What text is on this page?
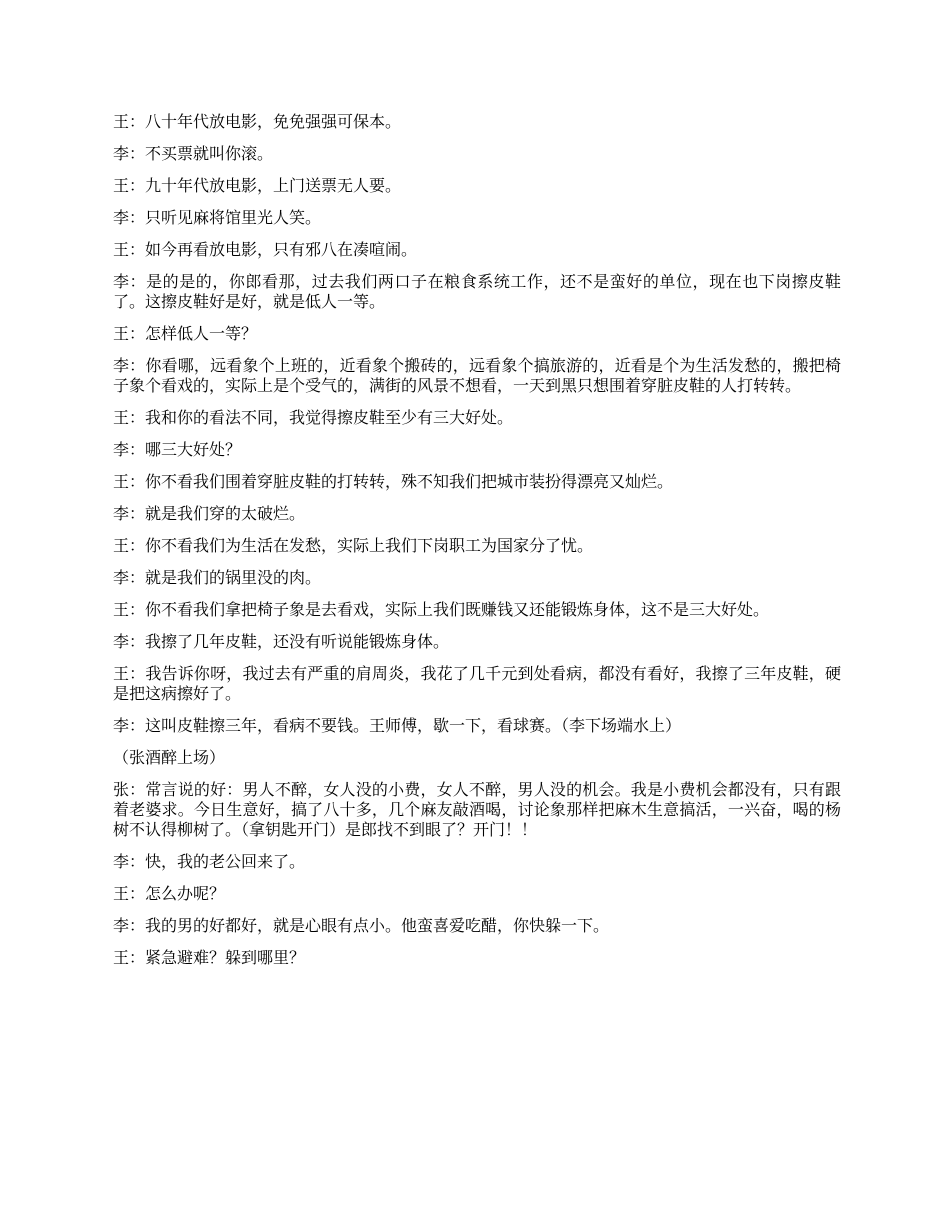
王：八十年代放电影，免免强强可保本。

李：不买票就叫你滚。

王：九十年代放电影，上门送票无人要。

李：只听见麻将馆里光人笑。

王：如今再看放电影，只有邪八在凑喧闹。

李：是的是的，你郎看那，过去我们两口子在粮食系统工作，还不是蛮好的单位，现在也下岗擦皮鞋了。这擦皮鞋好是好，就是低人一等。

王：怎样低人一等？

李：你看哪，远看象个上班的，近看象个搬砖的，远看象个搞旅游的，近看是个为生活发愁的，搬把椅子象个看戏的，实际上是个受气的，满街的风景不想看，一天到黑只想围着穿脏皮鞋的人打转转。

王：我和你的看法不同，我觉得擦皮鞋至少有三大好处。

李：哪三大好处？

王：你不看我们围着穿脏皮鞋的打转转，殊不知我们把城市装扮得漂亮又灿烂。

李：就是我们穿的太破烂。

王：你不看我们为生活在发愁，实际上我们下岗职工为国家分了忧。

李：就是我们的锅里没的肉。

王：你不看我们拿把椅子象是去看戏，实际上我们既赚钱又还能锻炼身体，这不是三大好处。

李：我擦了几年皮鞋，还没有听说能锻炼身体。

王：我告诉你呀，我过去有严重的肩周炎，我花了几千元到处看病，都没有看好，我擦了三年皮鞋，硬是把这病擦好了。

李：这叫皮鞋擦三年，看病不要钱。王师傅，歇一下，看球赛。（李下场端水上）

（张酒醉上场）

张：常言说的好：男人不醉，女人没的小费，女人不醉，男人没的机会。我是小费机会都没有，只有跟着老婆求。今日生意好，搞了八十多，几个麻友敲酒喝，讨论象那样把麻木生意搞活，一兴奋，喝的杨树不认得柳树了。（拿钥匙开门）是郎找不到眼了？开门！！

李：快，我的老公回来了。

王：怎么办呢？

李：我的男的好都好，就是心眼有点小。他蛮喜爱吃醋，你快躲一下。

王：紧急避难？躲到哪里？
